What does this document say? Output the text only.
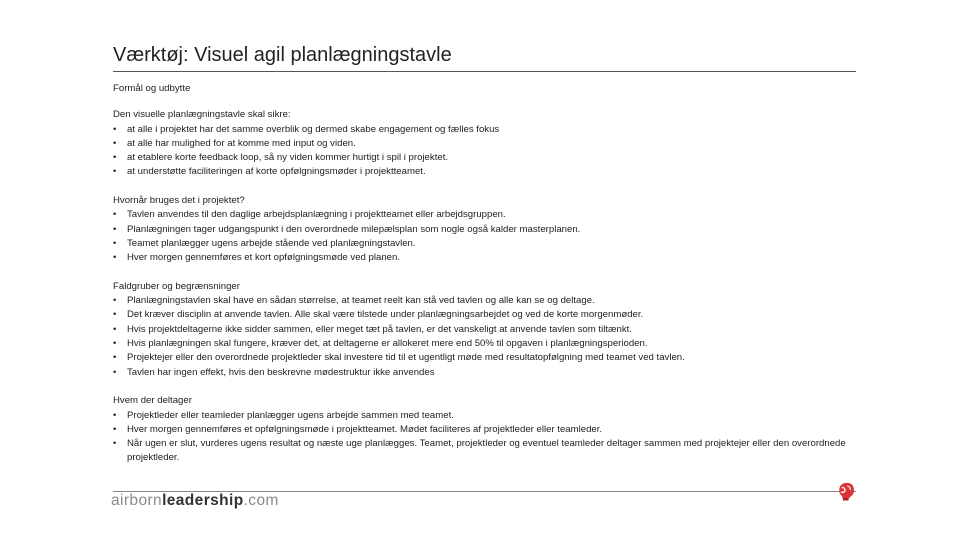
Værktøj: Visuel agil planlægningstavle
Formål og udbytte
Den visuelle planlægningstavle skal sikre:
• at alle i projektet har det samme overblik og dermed skabe engagement og fælles fokus
• at alle har mulighed for at komme med input og viden.
• at etablere korte feedback loop, så ny viden kommer hurtigt i spil i projektet.
• at understøtte faciliteringen af korte opfølgningsmøder i projektteamet.
Hvornår bruges det i projektet?
• Tavlen anvendes til den daglige arbejdsplanlægning i projektteamet eller arbejdsgruppen.
• Planlægningen tager udgangspunkt i den overordnede milepælsplan som nogle også kalder masterplanen.
• Teamet planlægger ugens arbejde stående ved planlægningstavlen.
• Hver morgen gennemføres et kort opfølgningsmøde ved planen.
Faldgruber og begrænsninger
• Planlægningstavlen skal have en sådan størrelse, at teamet reelt kan stå ved tavlen og alle kan se og deltage.
• Det kræver disciplin at anvende tavlen. Alle skal være tilstede under planlægningsarbejdet og ved de korte morgenmøder.
• Hvis projektdeltagerne ikke sidder sammen, eller meget tæt på tavlen, er det vanskeligt at anvende tavlen som tiltænkt.
• Hvis planlægningen skal fungere, kræver det, at deltagerne er allokeret mere end 50% til opgaven i planlægningsperioden.
• Projektejer eller den overordnede projektleder skal investere tid til et ugentligt møde med resultatopfølgning med teamet ved tavlen.
• Tavlen har ingen effekt, hvis den beskrevne mødestruktur ikke anvendes
Hvem der deltager
• Projektleder eller teamleder planlægger ugens arbejde sammen med teamet.
• Hver morgen gennemføres et opfølgningsmøde i projektteamet. Mødet faciliteres af projektleder eller teamleder.
• Når ugen er slut, vurderes ugens resultat og næste uge planlægges. Teamet, projektleder og eventuel teamleder deltager sammen med projektejer eller den overordnede projektleder.
airbornleadership.com
